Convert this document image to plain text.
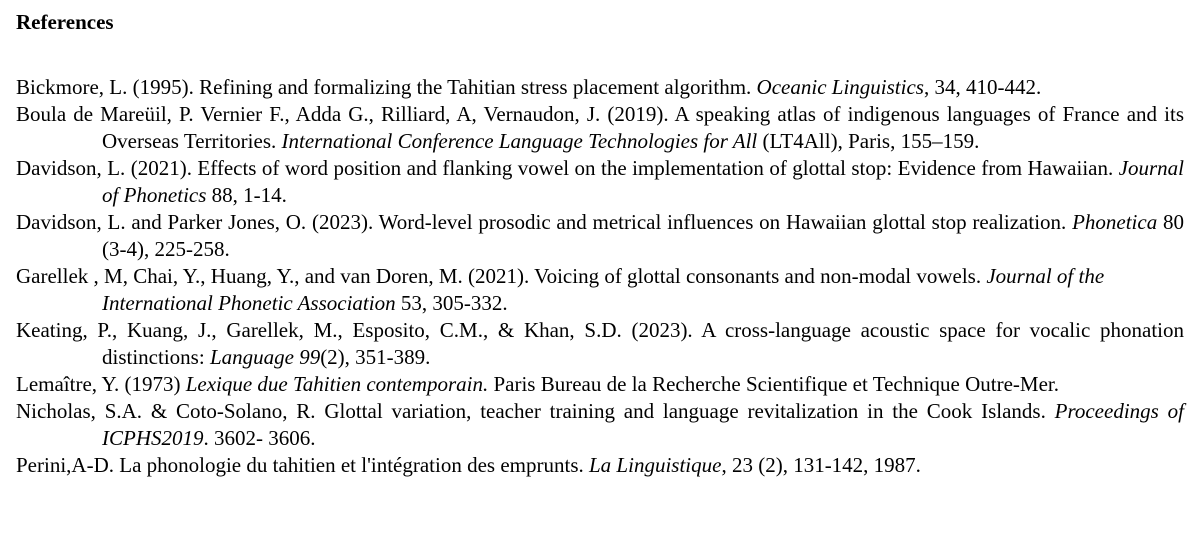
References

Bickmore, L. (1995). Refining and formalizing the Tahitian stress placement algorithm. Oceanic Linguistics, 34, 410-442.

Boula de Mareüil, P. Vernier F., Adda G., Rilliard, A, Vernaudon, J. (2019). A speaking atlas of indigenous languages of France and its Overseas Territories. International Conference Language Technologies for All (LT4All), Paris, 155–159.

Davidson, L. (2021). Effects of word position and flanking vowel on the implementation of glottal stop: Evidence from Hawaiian. Journal of Phonetics 88, 1-14.

Davidson, L. and Parker Jones, O. (2023). Word-level prosodic and metrical influences on Hawaiian glottal stop realization. Phonetica 80 (3-4), 225-258.

Garellek , M, Chai, Y., Huang, Y., and van Doren, M. (2021). Voicing of glottal consonants and non-modal vowels. Journal of the International Phonetic Association 53, 305-332.

Keating, P., Kuang, J., Garellek, M., Esposito, C.M., & Khan, S.D. (2023). A cross-language acoustic space for vocalic phonation distinctions: Language 99(2), 351-389.

Lemaître, Y. (1973) Lexique due Tahitien contemporain. Paris Bureau de la Recherche Scientifique et Technique Outre-Mer.

Nicholas, S.A. & Coto-Solano, R. Glottal variation, teacher training and language revitalization in the Cook Islands. Proceedings of ICPHS2019. 3602- 3606.

Perini,A-D. La phonologie du tahitien et l'intégration des emprunts. La Linguistique, 23 (2), 131-142, 1987.
